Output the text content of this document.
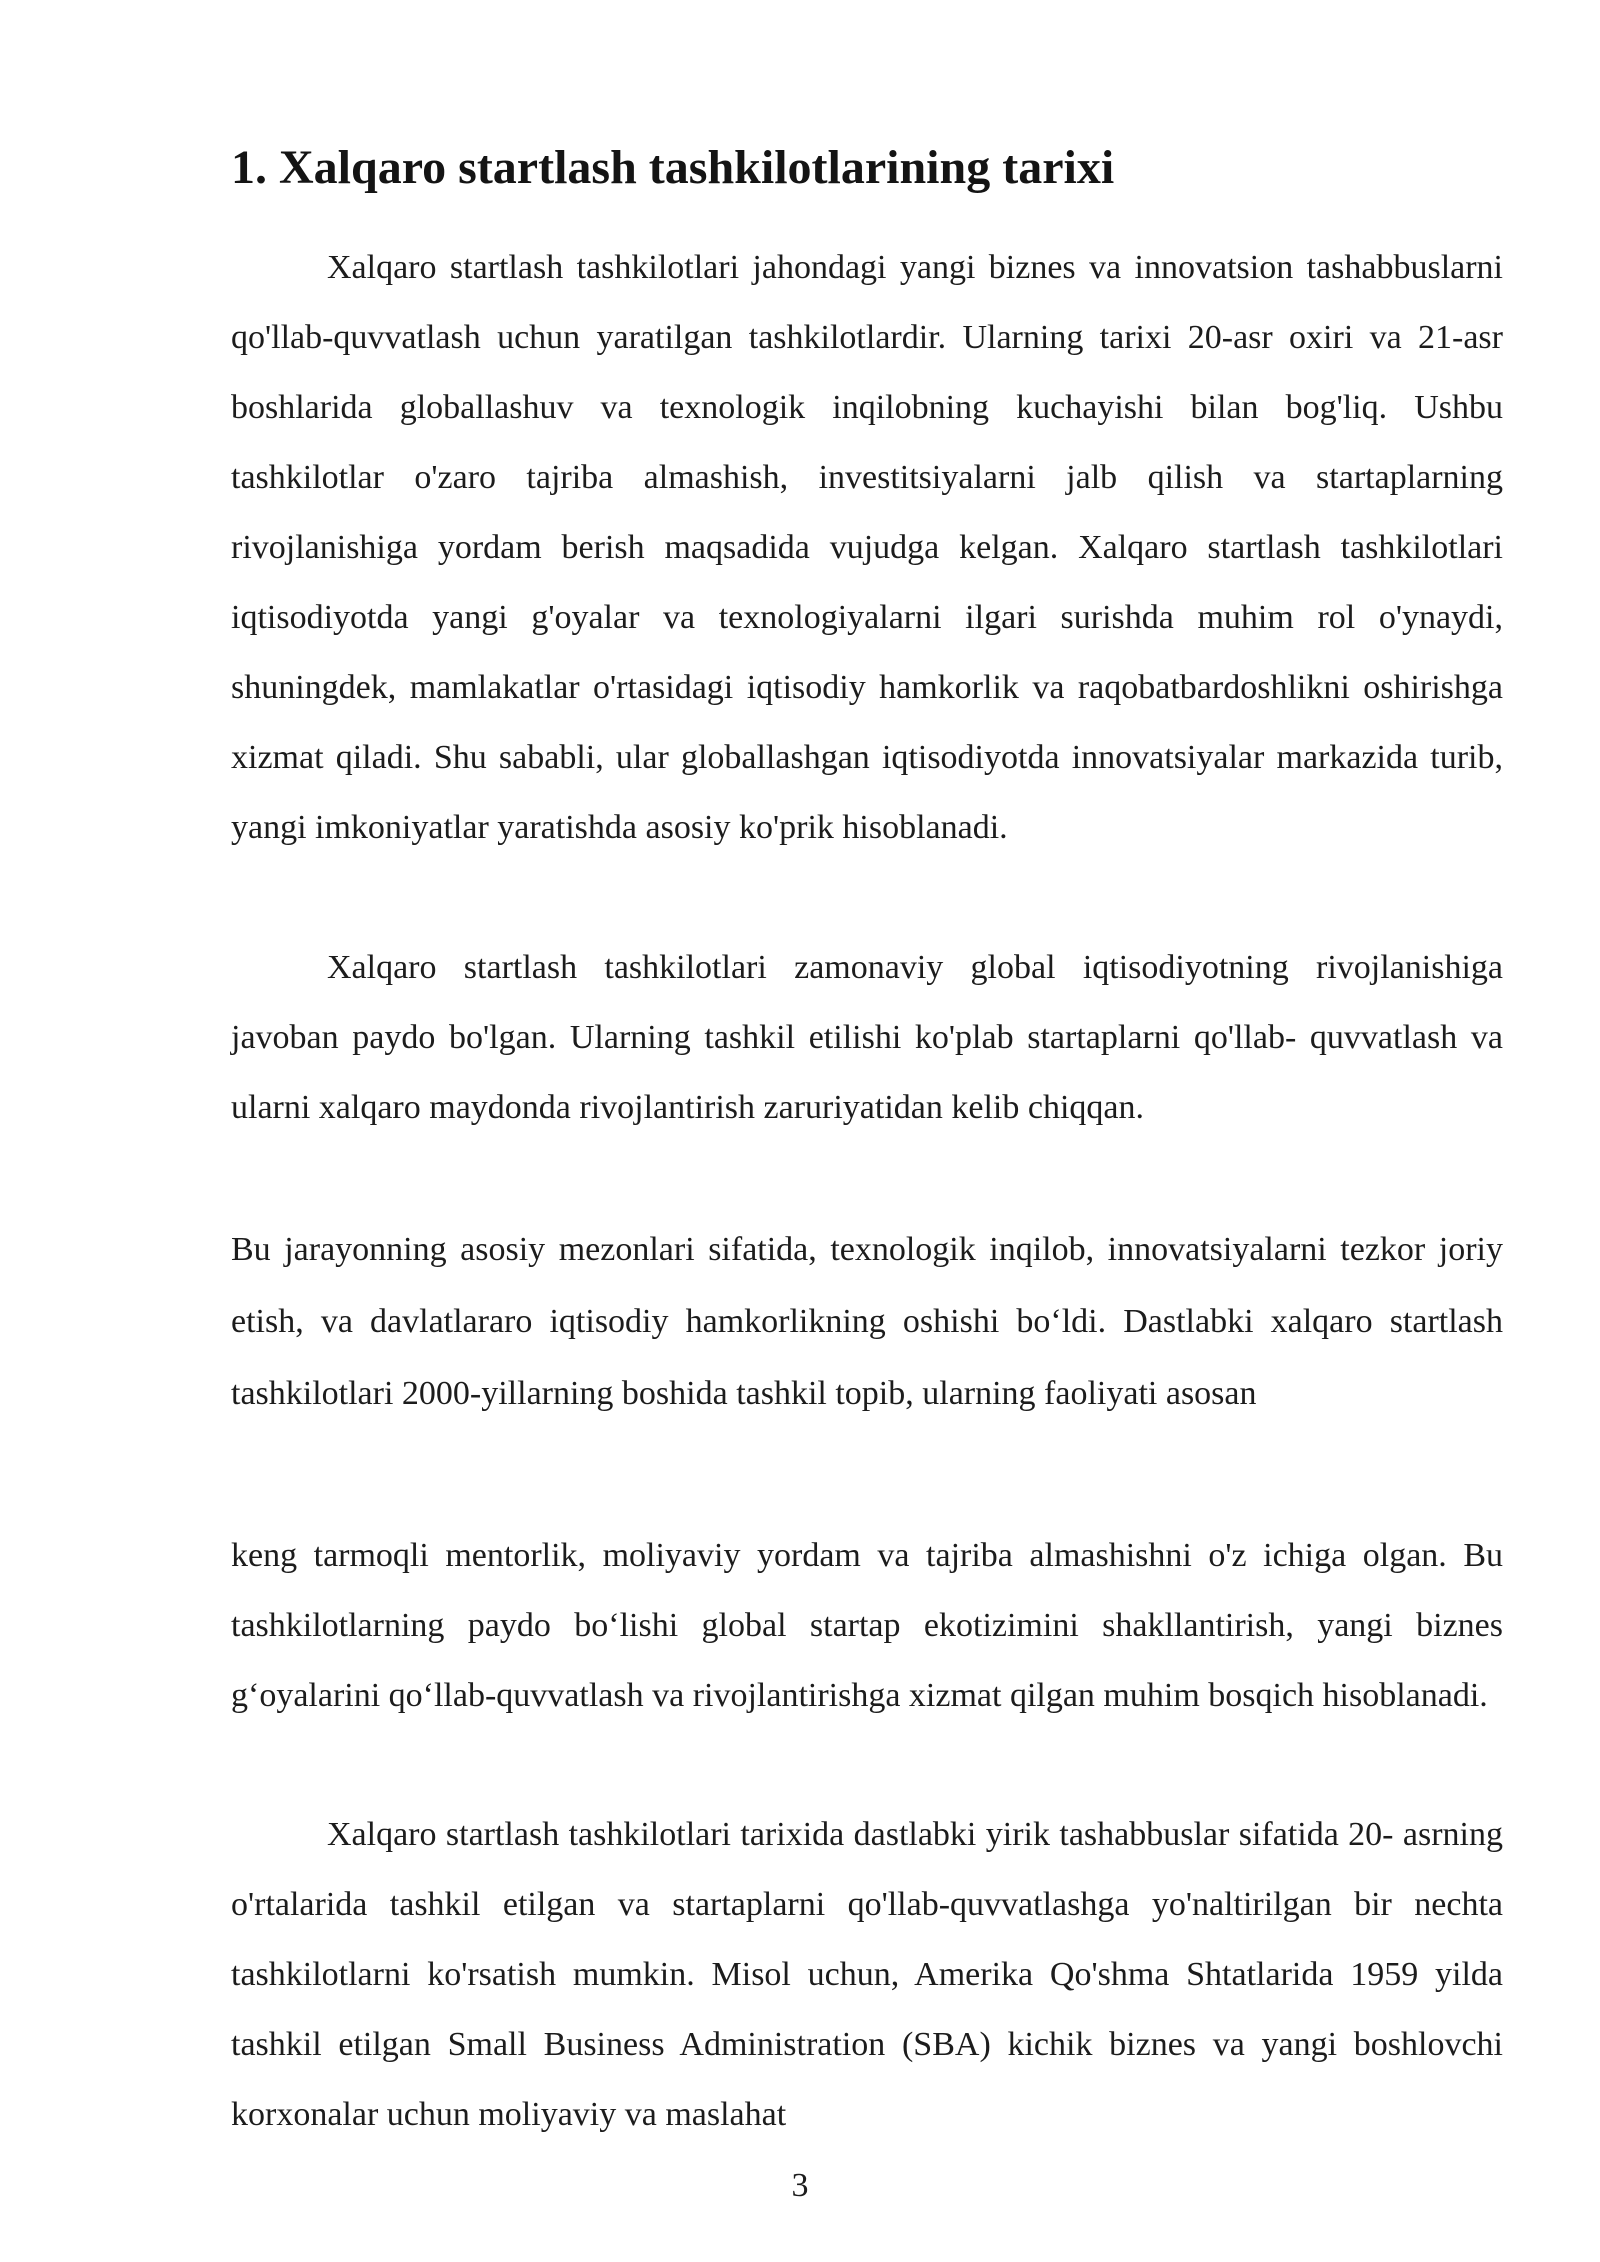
1. Xalqaro startlash tashkilotlarining tarixi

Xalqaro startlash tashkilotlari jahondagi yangi biznes va innovatsion tashabbuslarni qo'llab-quvvatlash uchun yaratilgan tashkilotlardir. Ularning tarixi 20-asr oxiri va 21-asr boshlarida globallashuv va texnologik inqilobning kuchayishi bilan bog'liq. Ushbu tashkilotlar o'zaro tajriba almashish, investitsiyalarni jalb qilish va startaplarning rivojlanishiga yordam berish maqsadida vujudga kelgan. Xalqaro startlash tashkilotlari iqtisodiyotda yangi g'oyalar va texnologiyalarni ilgari surishda muhim rol o'ynaydi, shuningdek, mamlakatlar o'rtasidagi iqtisodiy hamkorlik va raqobatbardoshlikni oshirishga xizmat qiladi. Shu sababli, ular globallashgan iqtisodiyotda innovatsiyalar markazida turib, yangi imkoniyatlar yaratishda asosiy ko'prik hisoblanadi.

Xalqaro startlash tashkilotlari zamonaviy global iqtisodiyotning rivojlanishiga javoban paydo bo'lgan. Ularning tashkil etilishi ko'plab startaplarni qo'llab- quvvatlash va ularni xalqaro maydonda rivojlantirish zaruriyatidan kelib chiqqan.

Bu jarayonning asosiy mezonlari sifatida, texnologik inqilob, innovatsiyalarni tezkor joriy etish, va davlatlararo iqtisodiy hamkorlikning oshishi bo‘ldi. Dastlabki xalqaro startlash tashkilotlari 2000-yillarning boshida tashkil topib, ularning faoliyati asosan

keng tarmoqli mentorlik, moliyaviy yordam va tajriba almashishni o'z ichiga olgan. Bu tashkilotlarning paydo bo‘lishi global startap ekotizimini shakllantirish, yangi biznes g‘oyalarini qo‘llab-quvvatlash va rivojlantirishga xizmat qilgan muhim bosqich hisoblanadi.

Xalqaro startlash tashkilotlari tarixida dastlabki yirik tashabbuslar sifatida 20- asrning o'rtalarida tashkil etilgan va startaplarni qo'llab-quvvatlashga yo'naltirilgan bir nechta tashkilotlarni ko'rsatish mumkin. Misol uchun, Amerika Qo'shma Shtatlarida 1959 yilda tashkil etilgan Small Business Administration (SBA) kichik biznes va yangi boshlovchi korxonalar uchun moliyaviy va maslahat

3
